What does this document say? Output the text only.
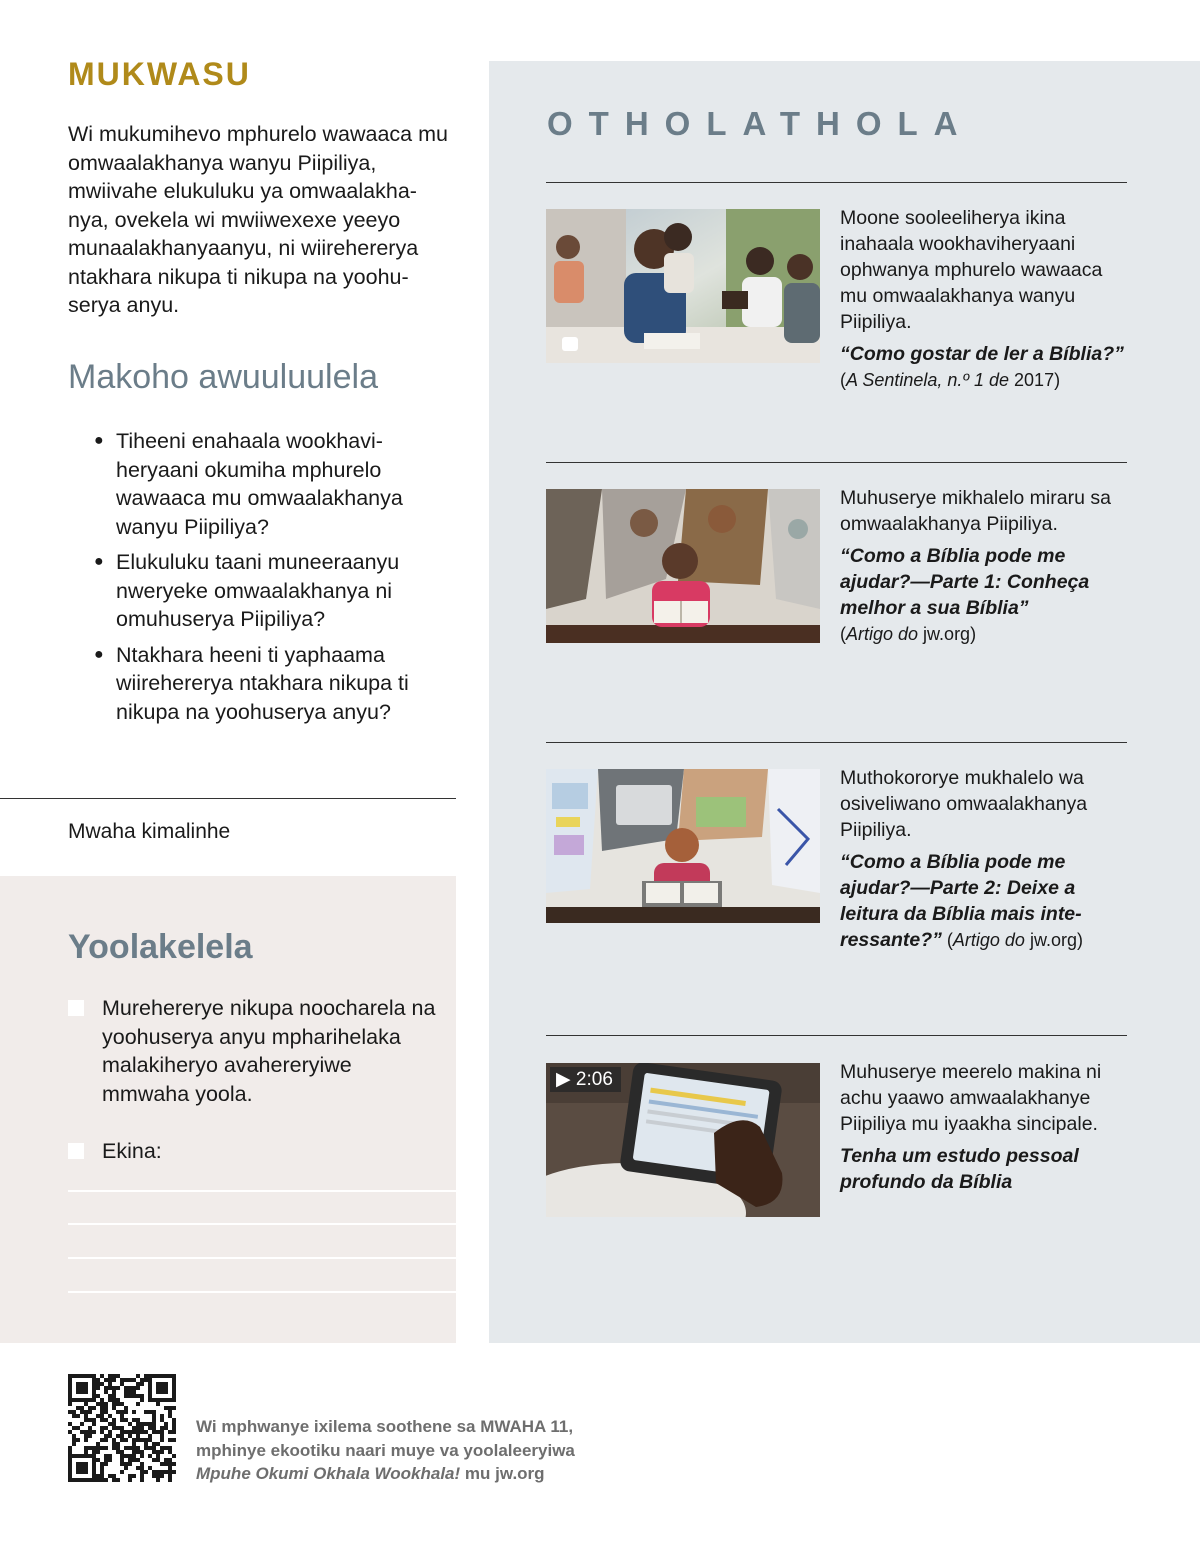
MUKWASU

Wi mukumihevo mphurelo wawaaca mu omwaalakhanya wanyu Piipiliya, mwiivahe elukuluku ya omwaalakhanya, ovekela wi mwiiwexexe yeeyo munaalakhanyaanyu, ni wiirehererya ntakhara nikupa ti nikupa na yoohuserya anyu.

Makoho awuuluulela
● Tiheeni enahaala wookhaviheryaani okumiha mphurelo wawaaca mu omwaalakhanya wanyu Piipiliya?
● Elukuluku taani muneeraanyu nweryeke omwaalakhanya ni omuhuserya Piipiliya?
● Ntakhara heeni ti yaphaama wiirehererya ntakhara nikupa ti nikupa na yoohuserya anyu?
Mwaha kimalinhe
Yoolakelela
Murehererye nikupa noocharela na yoohuserya anyu mpharihelaka malakiheryo avahereryiwe mmwaha yoola.
Ekina:
OTHOLATHOLA
Moone sooleeliherya ikina inahaala wookhaviheryaani ophwanya mphurelo wawaaca mu omwaalakhanya wanyu Piipiliya.
“Como gostar de ler a Bíblia?”
(A Sentinela, n.º 1 de 2017)
Muhuserye mikhalelo miraru sa omwaalakhanya Piipiliya.
“Como a Bíblia pode me ajudar?—Parte 1: Conheça melhor a sua Bíblia”
(Artigo do jw.org)
Muthokororye mukhalelo wa osiveliwano omwaalakhanya Piipiliya.
“Como a Bíblia pode me ajudar?—Parte 2: Deixe a leitura da Bíblia mais interessante?” (Artigo do jw.org)
▶ 2:06	Muhuserye meerelo makina ni achu yaawo amwaalakhanye Piipiliya mu iyaakha sincipale.
Tenha um estudo pessoal profundo da Bíblia
Wi mphwanye ixilema soothene sa MWAHA 11,
mphinye ekootiku naari muye va yoolaleeryiwa
Mpuhe Okumi Okhala Wookhala! mu jw.org
